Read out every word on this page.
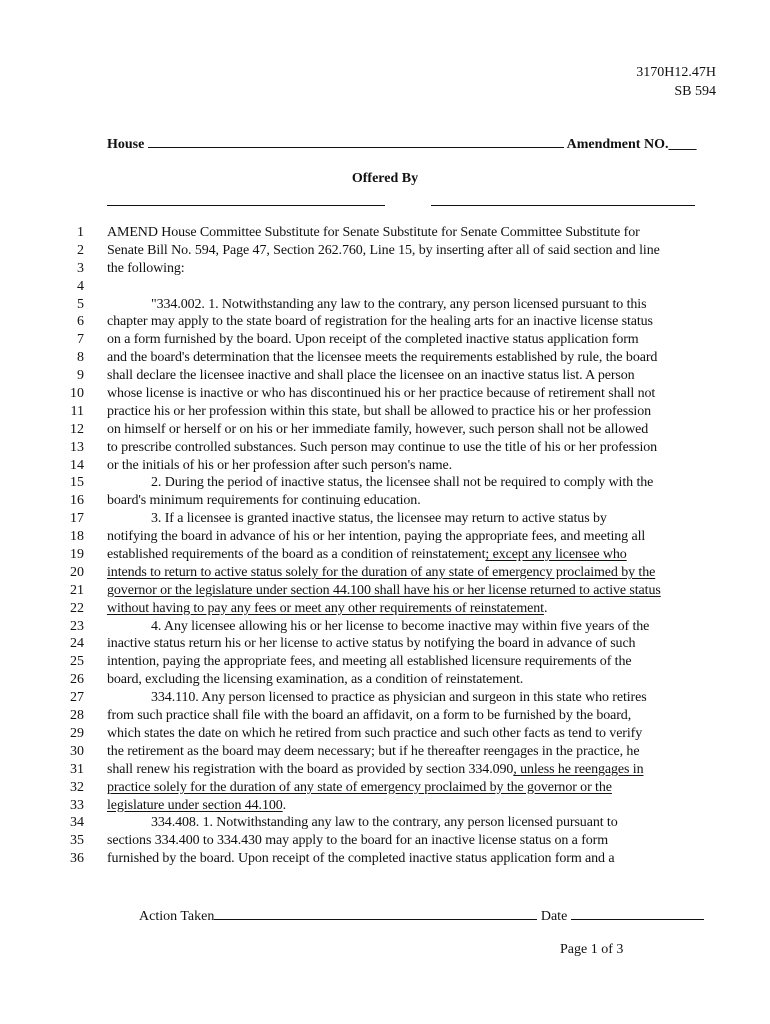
3170H12.47H
SB 594
House	Amendment NO.____
Offered By
1 AMEND House Committee Substitute for Senate Substitute for Senate Committee Substitute for
2 Senate Bill No. 594, Page 47, Section 262.760, Line 15, by inserting after all of said section and line
3 the following:
4
5	"334.002. 1. Notwithstanding any law to the contrary, any person licensed pursuant to this
6 chapter may apply to the state board of registration for the healing arts for an inactive license status
7 on a form furnished by the board. Upon receipt of the completed inactive status application form
8 and the board's determination that the licensee meets the requirements established by rule, the board
9 shall declare the licensee inactive and shall place the licensee on an inactive status list. A person
10 whose license is inactive or who has discontinued his or her practice because of retirement shall not
11 practice his or her profession within this state, but shall be allowed to practice his or her profession
12 on himself or herself or on his or her immediate family, however, such person shall not be allowed
13 to prescribe controlled substances. Such person may continue to use the title of his or her profession
14 or the initials of his or her profession after such person's name.
15	2. During the period of inactive status, the licensee shall not be required to comply with the
16 board's minimum requirements for continuing education.
17	3. If a licensee is granted inactive status, the licensee may return to active status by
18 notifying the board in advance of his or her intention, paying the appropriate fees, and meeting all
19 established requirements of the board as a condition of reinstatement; except any licensee who
20 intends to return to active status solely for the duration of any state of emergency proclaimed by the
21 governor or the legislature under section 44.100 shall have his or her license returned to active status
22 without having to pay any fees or meet any other requirements of reinstatement.
23	4. Any licensee allowing his or her license to become inactive may within five years of the
24 inactive status return his or her license to active status by notifying the board in advance of such
25 intention, paying the appropriate fees, and meeting all established licensure requirements of the
26 board, excluding the licensing examination, as a condition of reinstatement.
27	334.110. Any person licensed to practice as physician and surgeon in this state who retires
28 from such practice shall file with the board an affidavit, on a form to be furnished by the board,
29 which states the date on which he retired from such practice and such other facts as tend to verify
30 the retirement as the board may deem necessary; but if he thereafter reengages in the practice, he
31 shall renew his registration with the board as provided by section 334.090, unless he reengages in
32 practice solely for the duration of any state of emergency proclaimed by the governor or the
33 legislature under section 44.100.
34	334.408. 1. Notwithstanding any law to the contrary, any person licensed pursuant to
35 sections 334.400 to 334.430 may apply to the board for an inactive license status on a form
36 furnished by the board. Upon receipt of the completed inactive status application form and a
Action Taken	Date
Page 1 of 3
